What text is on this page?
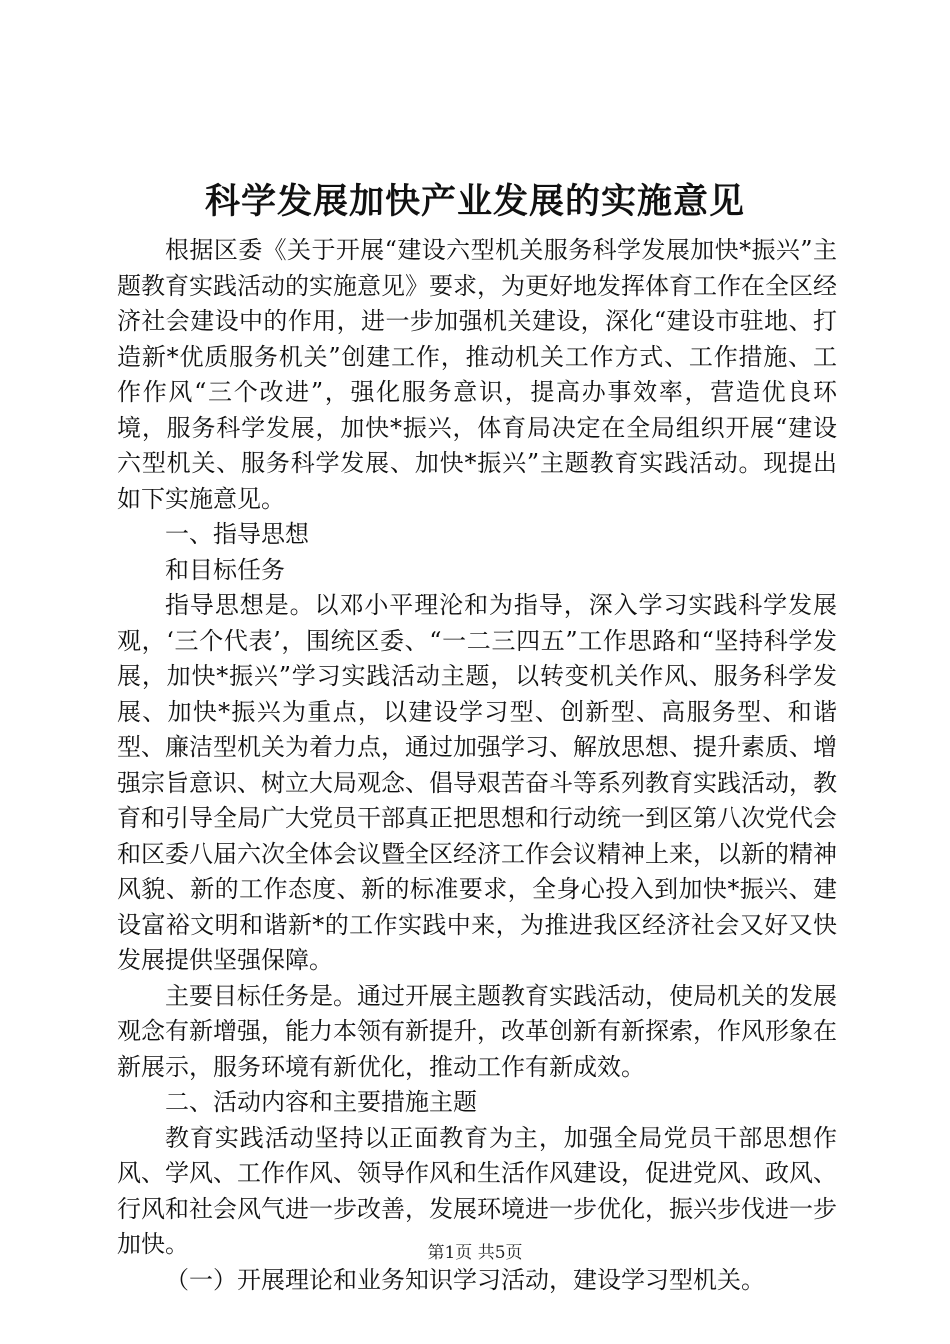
科学发展加快产业发展的实施意见

根据区委《关于开展“建设六型机关服务科学发展加快*振兴”主题教育实践活动的实施意见》要求，为更好地发挥体育工作在全区经济社会建设中的作用，进一步加强机关建设，深化“建设市驻地、打造新*优质服务机关”创建工作，推动机关工作方式、工作措施、工作作风“三个改进”，强化服务意识，提高办事效率，营造优良环境，服务科学发展，加快*振兴，体育局决定在全局组织开展“建设六型机关、服务科学发展、加快*振兴”主题教育实践活动。现提出如下实施意见。

一、指导思想

和目标任务

指导思想是。以邓小平理沦和为指导，深入学习实践科学发展观，‘三个代表’，围统区委、“一二三四五”工作思路和“坚持科学发展，加快*振兴”学习实践活动主题，以转变机关作风、服务科学发展、加快*振兴为重点，以建设学习型、创新型、高服务型、和谐型、廉洁型机关为着力点，通过加强学习、解放思想、提升素质、增强宗旨意识、树立大局观念、倡导艰苦奋斗等系列教育实践活动，教育和引导全局广大党员干部真正把思想和行动统一到区第八次党代会和区委八届六次全体会议暨全区经济工作会议精神上来，以新的精神风貌、新的工作态度、新的标准要求，全身心投入到加快*振兴、建设富裕文明和谐新*的工作实践中来，为推进我区经济社会又好又快发展提供坚强保障。

主要目标任务是。通过开展主题教育实践活动，使局机关的发展观念有新增强，能力本领有新提升，改革创新有新探索，作风形象在新展示，服务环境有新优化，推动工作有新成效。

二、活动内容和主要措施主题

教育实践活动坚持以正面教育为主，加强全局党员干部思想作风、学风、工作作风、领导作风和生活作风建设，促进党风、政风、行风和社会风气进一步改善，发展环境进一步优化，振兴步伐进一步加快。

（一）开展理论和业务知识学习活动，建设学习型机关。

第1页 共5页
